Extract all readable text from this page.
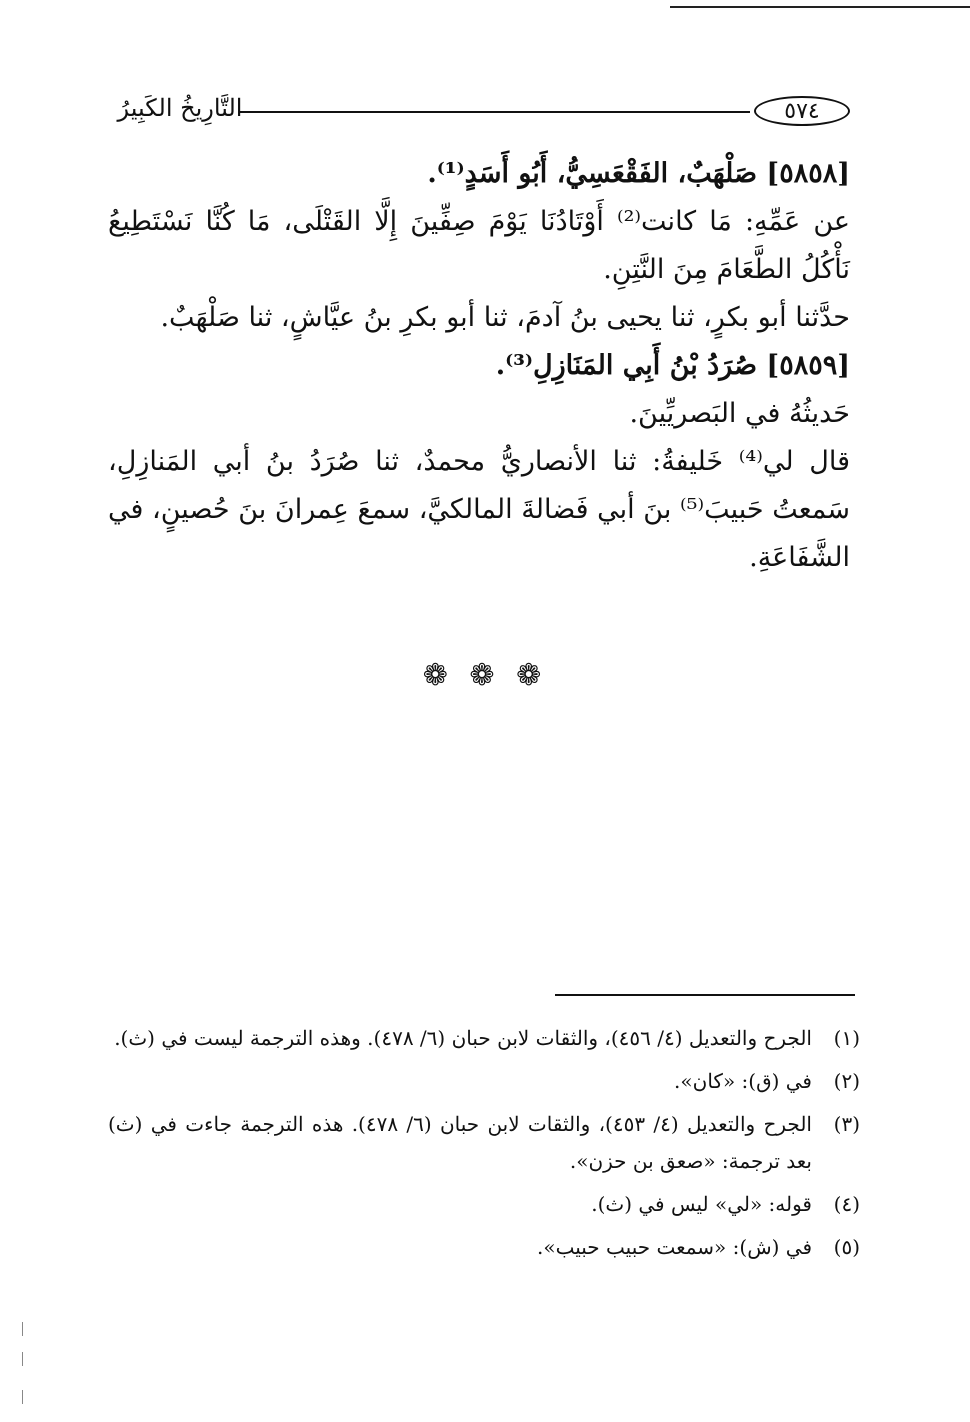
٥٧٤
التَّارِيخُ الكَبِيرُ

[٥٨٥٨] صَلْهَبٌ، الفَقْعَسِيُّ، أَبُو أَسَدٍ⁽¹⁾.

عن عَمِّهِ: مَا كانت⁽²⁾ أَوْتَادُنَا يَوْمَ صِفِّينَ إِلَّا القَتْلَى، مَا كُنَّا نَسْتَطِيعُ نَأْكُلُ الطَّعَامَ مِنَ النَّتِنِ.

حدَّثنا أبو بكرٍ، ثنا يحيى بنُ آدمَ، ثنا أبو بكرِ بنُ عيَّاشٍ، ثنا صَلْهَبٌ.

[٥٨٥٩] صُرَدُ بْنُ أَبِي المَنَازِلِ⁽³⁾.

حَديثُهُ في البَصريِّينَ.

قال لي⁽⁴⁾ خَليفةُ: ثنا الأنصاريُّ محمدٌ، ثنا صُرَدُ بنُ أبي المَنازِلِ، سَمعتُ حَبيبَ⁽⁵⁾ بنَ أبي فَضالةَ المالكيَّ، سمعَ عِمرانَ بنَ حُصينٍ، في الشَّفَاعَةِ.

❁ ❁ ❁
(١)
الجرح والتعديل (٤/ ٤٥٦)، والثقات لابن حبان (٦/ ٤٧٨). وهذه الترجمة ليست في (ث).
(٢)
في (ق): «كان».
(٣)
الجرح والتعديل (٤/ ٤٥٣)، والثقات لابن حبان (٦/ ٤٧٨). هذه الترجمة جاءت في (ث) بعد ترجمة: «صعق بن حزن».
(٤)
قوله: «لي» ليس في (ث).
(٥)
في (ش): «سمعت حبيب حبيب».
